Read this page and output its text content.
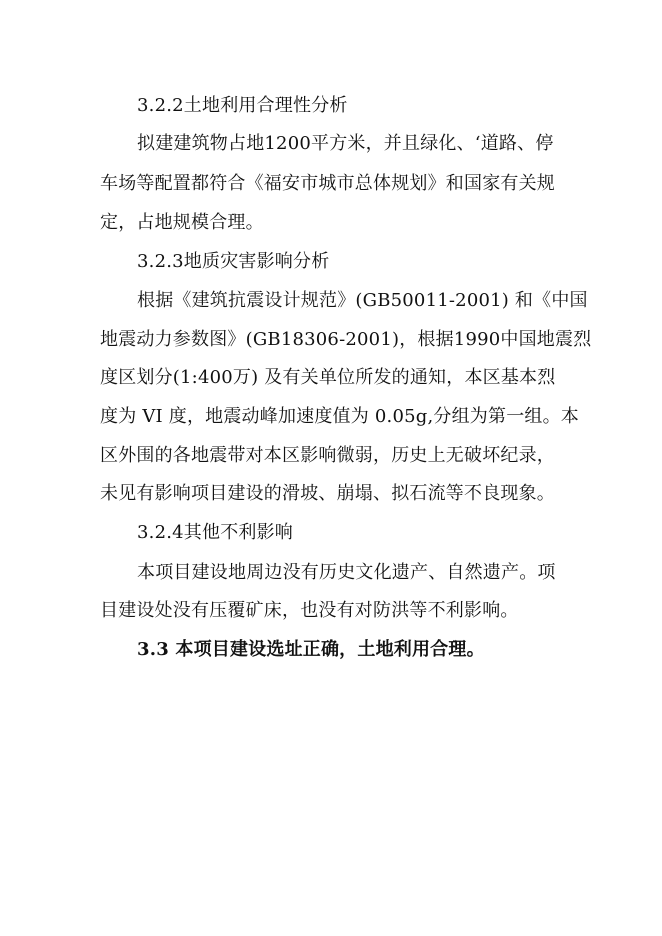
3.2.2土地利用合理性分析
拟建建筑物占地1200平方米，并且绿化、‘道路、停
车场等配置都符合《福安市城市总体规划》和国家有关规
定，占地规模合理。
3.2.3地质灾害影响分析
根据《建筑抗震设计规范》(GB50011-2001) 和《中国
地震动力参数图》(GB18306-2001)，根据1990中国地震烈
度区划分(1:400万) 及有关单位所发的通知，本区基本烈
度为 VI 度，地震动峰加速度值为 0.05g,分组为第一组。本
区外围的各地震带对本区影响微弱，历史上无破坏纪录，
未见有影响项目建设的滑坡、崩塌、拟石流等不良现象。
3.2.4其他不利影响
本项目建设地周边没有历史文化遗产、自然遗产。项
目建设处没有压覆矿床，也没有对防洪等不利影响。
3.3 本项目建设选址正确，土地利用合理。
